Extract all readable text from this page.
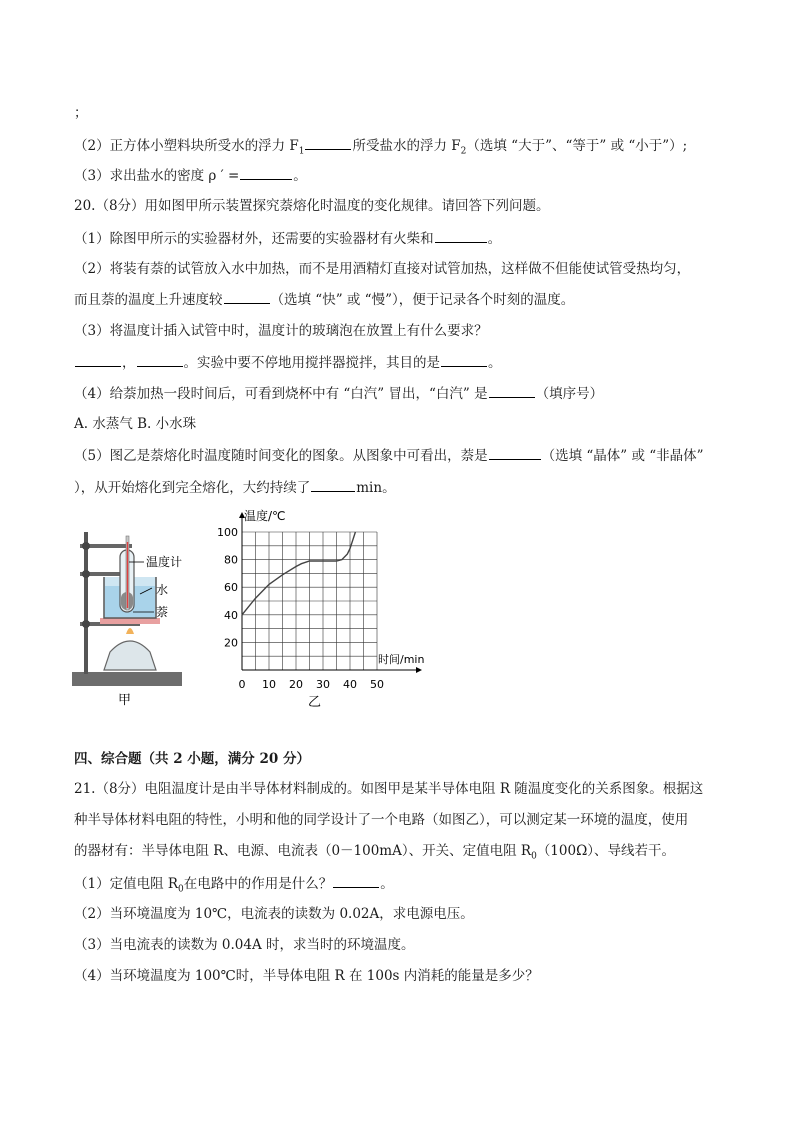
；
（2）正方体小塑料块所受水的浮力 $F_1$	所受盐水的浮力 $F_2$（选填 “大于”、“等于” 或 “小于”）;
（3）求出盐水的密度 ρ ′ =	。
20.（8分）用如图甲所示装置探究萘熔化时温度的变化规律。请回答下列问题。
（1）除图甲所示的实验器材外，还需要的实验器材有火柴和	。
（2）将装有萘的试管放入水中加热，而不是用酒精灯直接对试管加热，这样做不但能使试管受热均匀，
而且萘的温度上升速度较	（选填 “快” 或 “慢”），便于记录各个时刻的温度。
（3）将温度计插入试管中时，温度计的玻璃泡在放置上有什么要求？
，	。实验中要不停地用搅拌器搅拌，其目的是	。
（4）给萘加热一段时间后，可看到烧杯中有 “白汽” 冒出，“白汽” 是	（填序号）
A. 水蒸气 B. 小水珠
（5）图乙是萘熔化时温度随时间变化的图象。从图象中可看出，萘是	（选填 “晶体” 或 “非晶体”
），从开始熔化到完全熔化，大约持续了	min。
温度计
水
萘
甲
0 10 20 30 40 50
20
40
60
80
100
温度/℃
时间/min
乙
四、综合题（共 2 小题，满分 20 分）
21.（8分）电阻温度计是由半导体材料制成的。如图甲是某半导体电阻 R 随温度变化的关系图象。根据这
种半导体材料电阻的特性，小明和他的同学设计了一个电路（如图乙），可以测定某一环境的温度，使用
的器材有：半导体电阻 R、电源、电流表（0－100mA）、开关、定值电阻 $R_0(100\Omega)$、导线若干。
（1）定值电阻 $R_0$在电路中的作用是什么？	。
（2）当环境温度为 10℃，电流表的读数为 0.02A，求电源电压。
（3）当电流表的读数为 0.04A 时，求当时的环境温度。
（4）当环境温度为 100℃时，半导体电阻 R 在 100s 内消耗的能量是多少？
